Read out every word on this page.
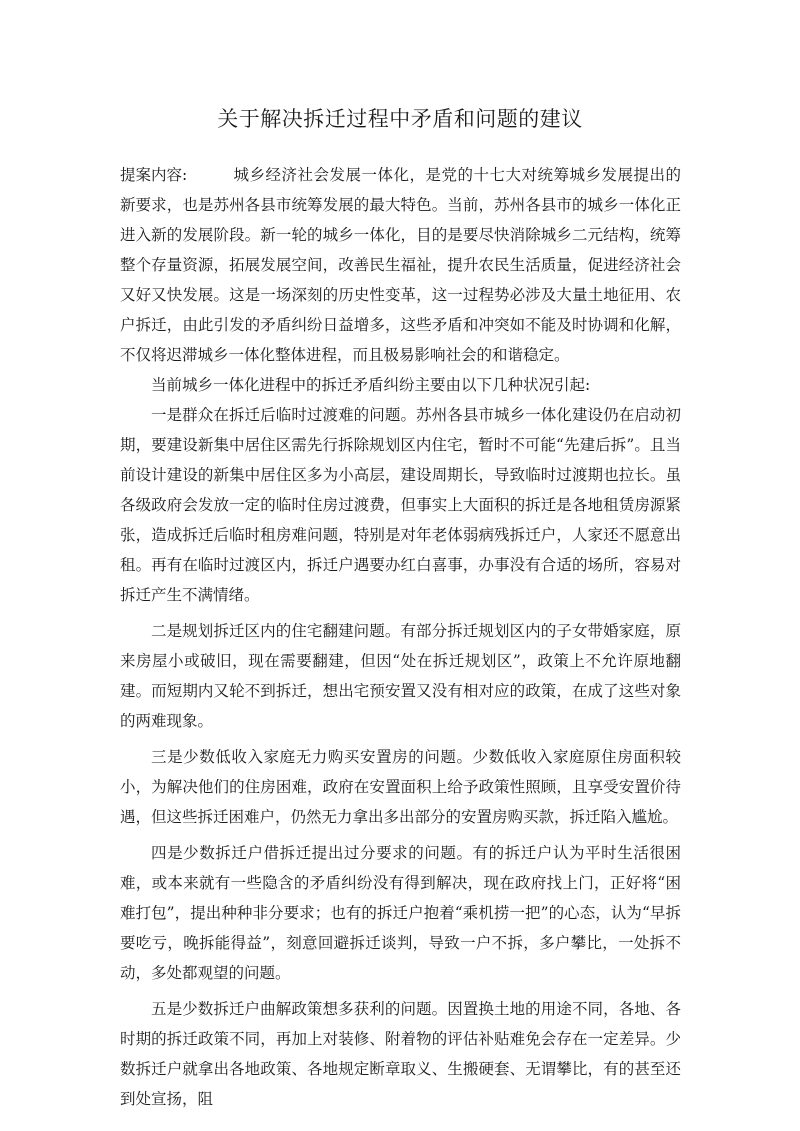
关于解决拆迁过程中矛盾和问题的建议

提案内容:	城乡经济社会发展一体化，是党的十七大对统筹城乡发展提出的新要求，也是苏州各县市统筹发展的最大特色。当前，苏州各县市的城乡一体化正进入新的发展阶段。新一轮的城乡一体化，目的是要尽快消除城乡二元结构，统筹整个存量资源，拓展发展空间，改善民生福祉，提升农民生活质量，促进经济社会又好又快发展。这是一场深刻的历史性变革，这一过程势必涉及大量土地征用、农户拆迁，由此引发的矛盾纠纷日益增多，这些矛盾和冲突如不能及时协调和化解，不仅将迟滞城乡一体化整体进程，而且极易影响社会的和谐稳定。

当前城乡一体化进程中的拆迁矛盾纠纷主要由以下几种状况引起:

一是群众在拆迁后临时过渡难的问题。苏州各县市城乡一体化建设仍在启动初期，要建设新集中居住区需先行拆除规划区内住宅，暂时不可能“先建后拆”。且当前设计建设的新集中居住区多为小高层，建设周期长，导致临时过渡期也拉长。虽各级政府会发放一定的临时住房过渡费，但事实上大面积的拆迁是各地租赁房源紧张，造成拆迁后临时租房难问题，特别是对年老体弱病残拆迁户，人家还不愿意出租。再有在临时过渡区内，拆迁户遇要办红白喜事，办事没有合适的场所，容易对拆迁产生不满情绪。

二是规划拆迁区内的住宅翻建问题。有部分拆迁规划区内的子女带婚家庭，原来房屋小或破旧，现在需要翻建，但因“处在拆迁规划区”，政策上不允许原地翻建。而短期内又轮不到拆迁，想出宅预安置又没有相对应的政策，在成了这些对象的两难现象。

三是少数低收入家庭无力购买安置房的问题。少数低收入家庭原住房面积较小，为解决他们的住房困难，政府在安置面积上给予政策性照顾，且享受安置价待遇，但这些拆迁困难户，仍然无力拿出多出部分的安置房购买款，拆迁陷入尴尬。

四是少数拆迁户借拆迁提出过分要求的问题。有的拆迁户认为平时生活很困难，或本来就有一些隐含的矛盾纠纷没有得到解决，现在政府找上门，正好将“困难打包”，提出种种非分要求；也有的拆迁户抱着“乘机捞一把”的心态，认为“早拆要吃亏，晚拆能得益”，刻意回避拆迁谈判，导致一户不拆，多户攀比，一处拆不动，多处都观望的问题。

五是少数拆迁户曲解政策想多获利的问题。因置换土地的用途不同，各地、各时期的拆迁政策不同，再加上对装修、附着物的评估补贴难免会存在一定差异。少数拆迁户就拿出各地政策、各地规定断章取义、生搬硬套、无谓攀比，有的甚至还到处宣扬，阻
